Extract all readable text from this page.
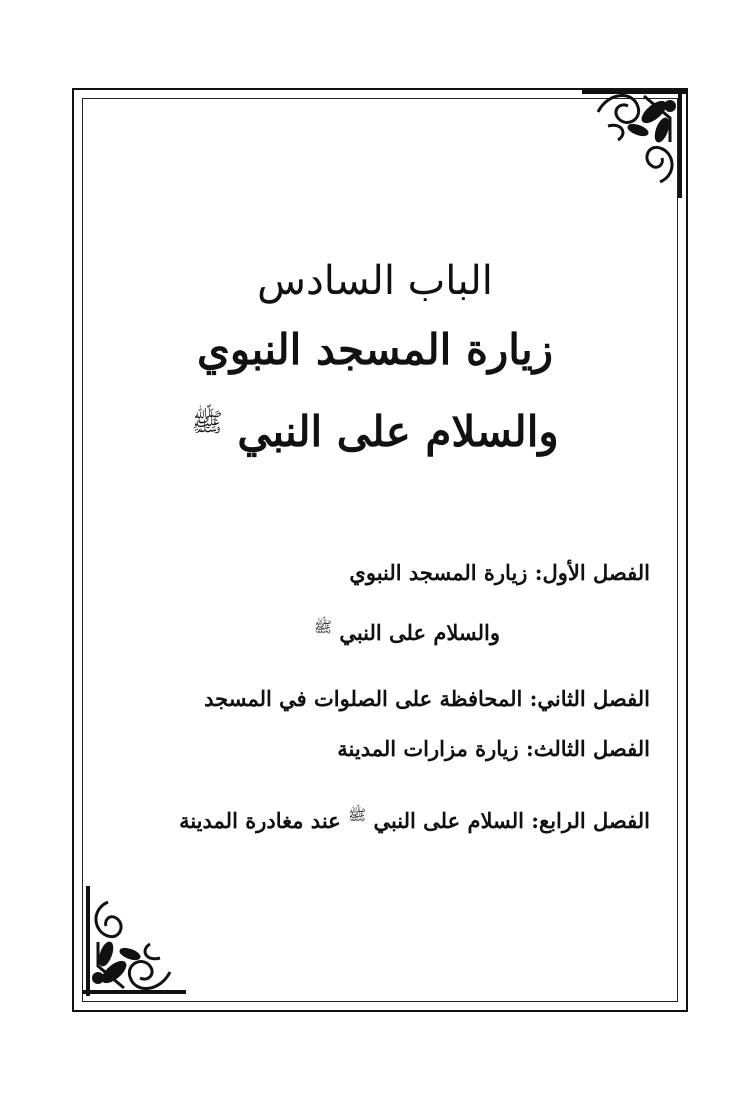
الباب السادس

زيارة المسجد النبوي

والسلام على النبي $^ﷺ$

الفصل الأول: زيارة المسجد النبوي

والسلام على النبي $^ﷺ$

الفصل الثاني: المحافظة على الصلوات في المسجد

الفصل الثالث: زيارة مزارات المدينة

الفصل الرابع: السلام على النبي $^ﷺ$ عند مغادرة المدينة
